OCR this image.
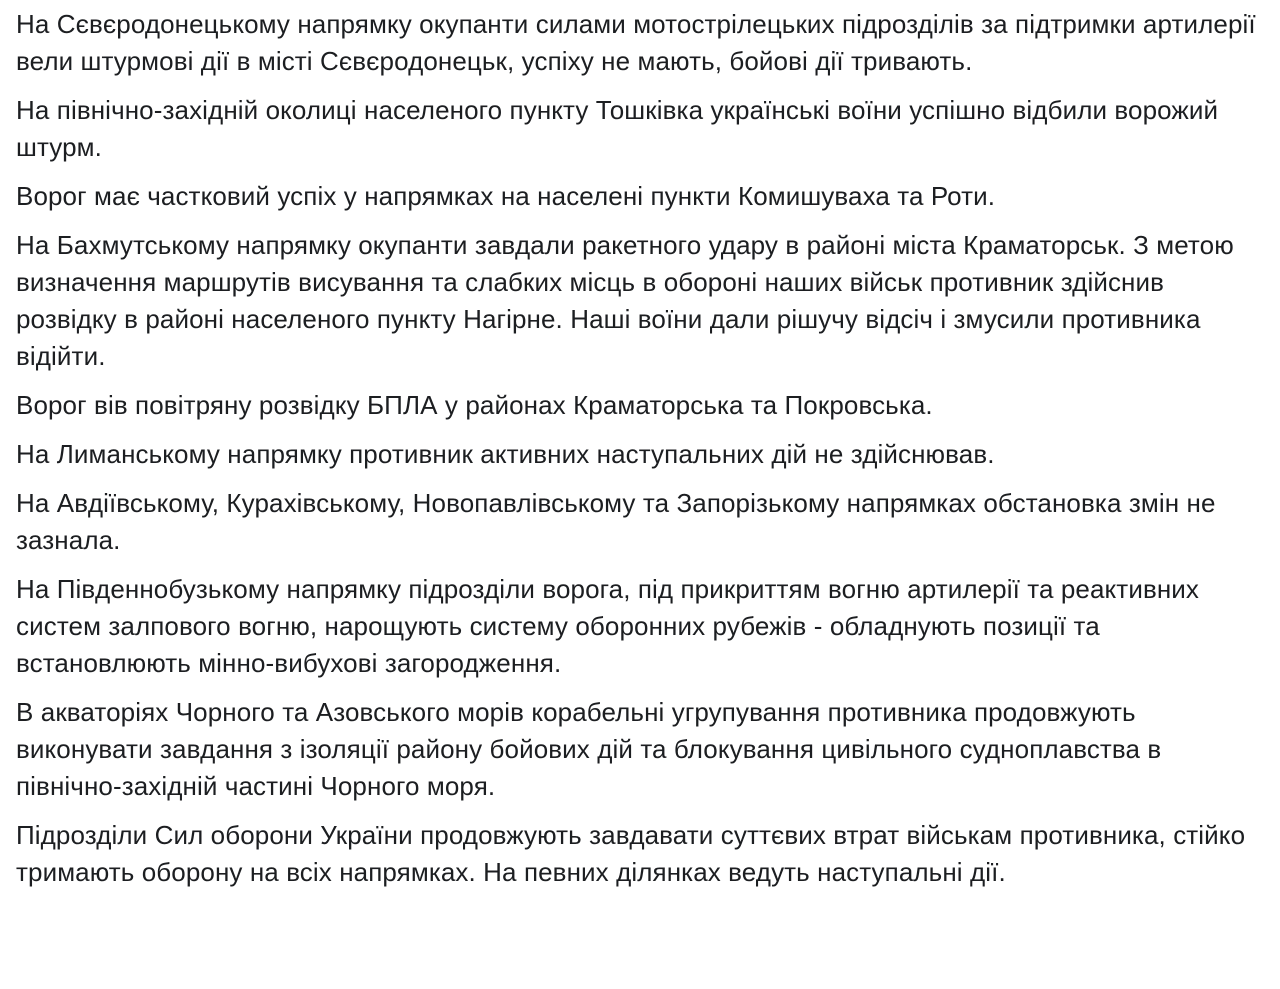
На Сєвєродонецькому напрямку окупанти силами мотострілецьких підрозділів за підтримки артилерії вели штурмові дії в місті Сєвєродонецьк, успіху не мають, бойові дії тривають.

На північно-західній околиці населеного пункту Тошківка українські воїни успішно відбили ворожий штурм.

Ворог має частковий успіх у напрямках на населені пункти Комишуваха та Роти.

На Бахмутському напрямку окупанти завдали ракетного удару в районі міста Краматорськ. З метою визначення маршрутів висування та слабких місць в обороні наших військ противник здійснив розвідку в районі населеного пункту Нагірне. Наші воїни дали рішучу відсіч і змусили противника відійти.

Ворог вів повітряну розвідку БПЛА у районах Краматорська та Покровська.

На Лиманському напрямку противник активних наступальних дій не здійснював.

На Авдіївському, Курахівському, Новопавлівському та Запорізькому напрямках обстановка змін не зазнала.

На Південнобузькому напрямку підрозділи ворога, під прикриттям вогню артилерії та реактивних систем залпового вогню, нарощують систему оборонних рубежів - обладнують позиції та встановлюють мінно-вибухові загородження.

В акваторіях Чорного та Азовського морів корабельні угрупування противника продовжують виконувати завдання з ізоляції району бойових дій та блокування цивільного судноплавства в північно-західній частині Чорного моря.

Підрозділи Сил оборони України продовжують завдавати суттєвих втрат військам противника, стійко тримають оборону на всіх напрямках. На певних ділянках ведуть наступальні дії.
